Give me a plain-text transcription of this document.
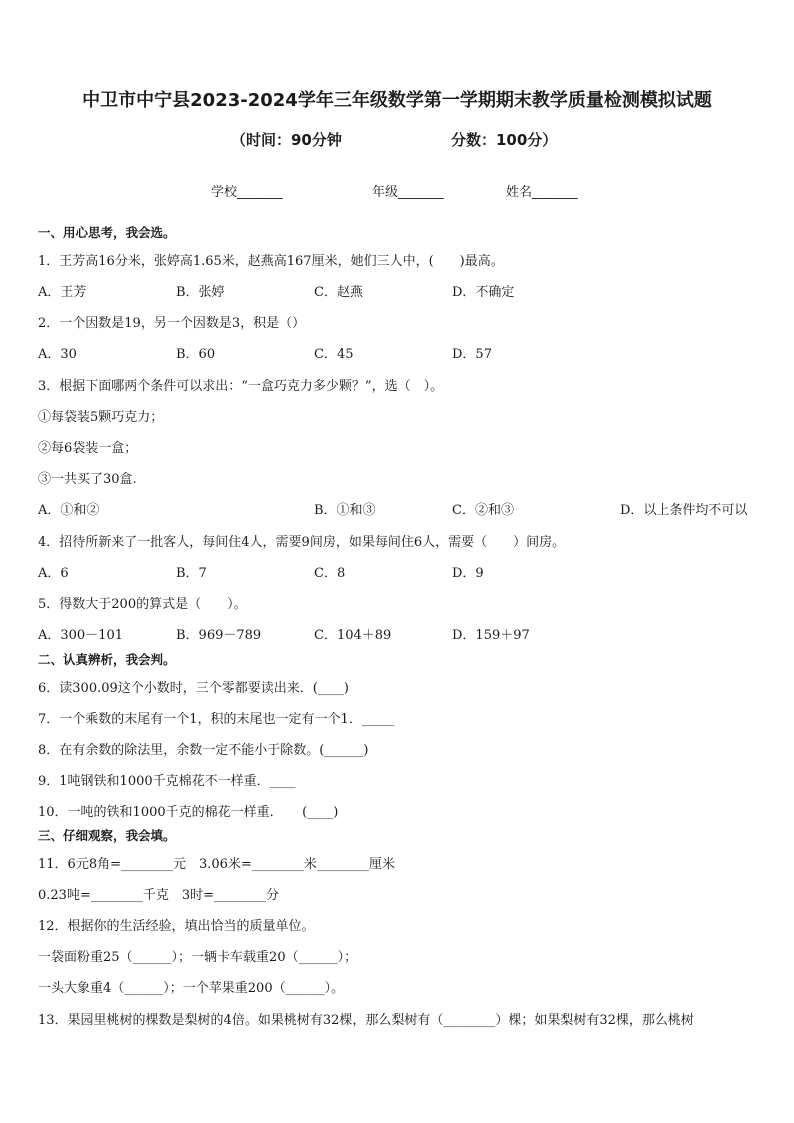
中卫市中宁县2023-2024学年三年级数学第一学期期末教学质量检测模拟试题
（时间：90分钟	分数：100分）
学校_______	年级_______	姓名_______
一、用心思考，我会选。
1．王芳高16分米，张婷高1.65米，赵燕高167厘米，她们三人中，(　　)最高。
A．王芳	B．张婷	C．赵燕	D．不确定
2．一个因数是19，另一个因数是3，积是（）
A．30	B．60	C．45	D．57
3．根据下面哪两个条件可以求出：“一盒巧克力多少颗？”，选（　）。
①每袋装5颗巧克力；
②每6袋装一盒；
③一共买了30盒.
A．①和②	B．①和③	C．②和③	D．以上条件均不可以
4．招待所新来了一批客人，每间住4人，需要9间房，如果每间住6人，需要（　　）间房。
A．6	B．7	C．8	D．9
5．得数大于200的算式是（　　）。
A．300－101	B．969－789	C．104＋89	D．159＋97
二、认真辨析，我会判。
6．读300.09这个小数时，三个零都要读出来．(____)
7．一个乘数的末尾有一个1，积的末尾也一定有一个1．_____
8．在有余数的除法里，余数一定不能小于除数。(______)
9．1吨钢铁和1000千克棉花不一样重．____
10．一吨的铁和1000千克的棉花一样重．　　(____)
三、仔细观察，我会填。
11．6元8角=________元　3.06米=________米________厘米
0.23吨=________千克　3时=________分
12．根据你的生活经验，填出恰当的质量单位。
一袋面粉重25（______）；一辆卡车载重20（______）；
一头大象重4（______）；一个苹果重200（______）。
13．果园里桃树的棵数是梨树的4倍。如果桃树有32棵，那么梨树有（________）棵；如果梨树有32棵，那么桃树
